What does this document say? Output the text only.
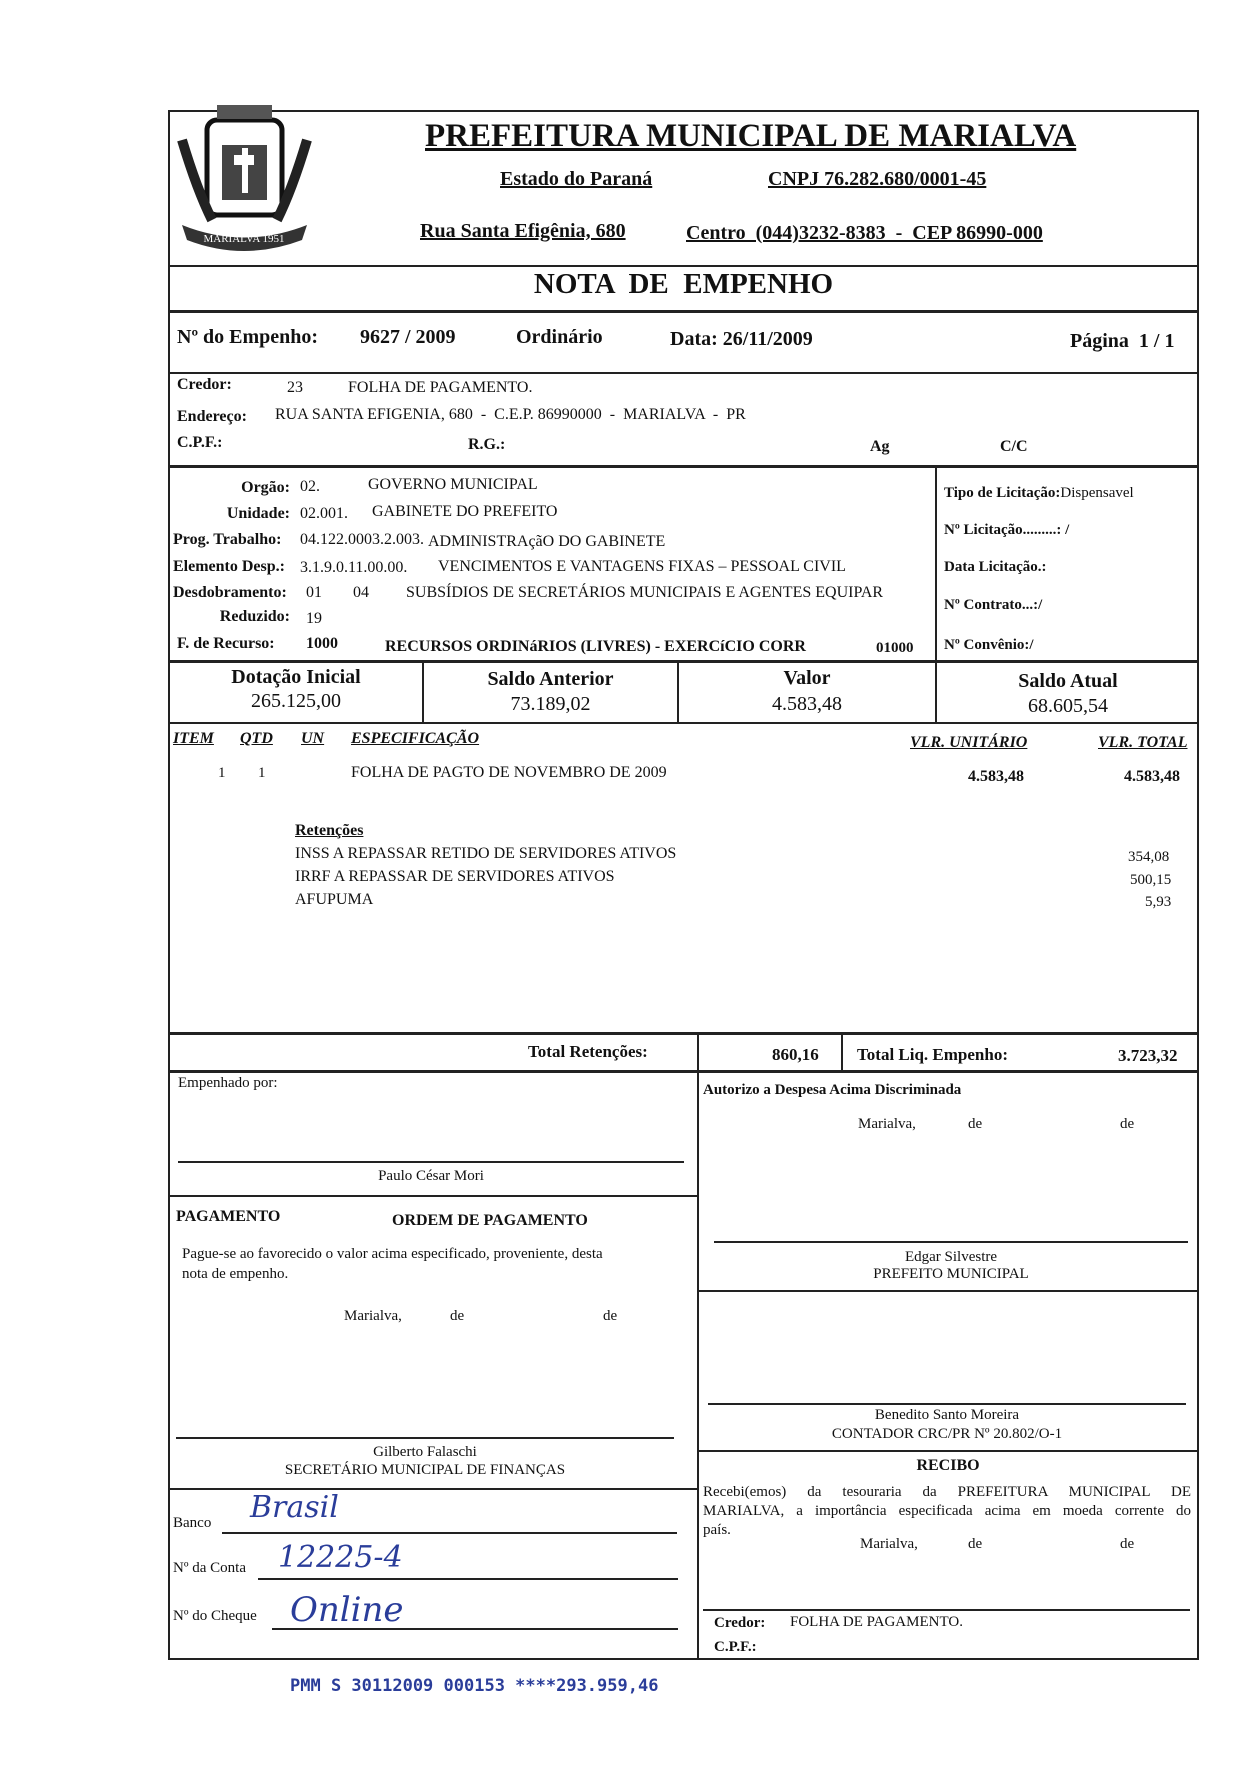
MARIALVA 1951
PREFEITURA MUNICIPAL DE MARIALVA
Estado do Paraná	CNPJ 76.282.680/0001-45
Rua Santa Efigênia, 680	Centro  (044)3232-8383  -  CEP 86990-000
NOTA  DE  EMPENHO
Nº do Empenho: 9627 / 2009	Ordinário	Data: 26/11/2009	Página  1 / 1
Credor:	23	FOLHA DE PAGAMENTO.
Endereço: RUA SANTA EFIGENIA, 680  -  C.E.P. 86990000  -  MARIALVA  -  PR
C.P.F.:	R.G.:	Ag	C/C
Orgão: 02.	GOVERNO MUNICIPAL
Unidade: 02.001. GABINETE DO PREFEITO
Prog. Trabalho: 04.122.0003.2.003. ADMINISTRAçãO DO GABINETE
Elemento Desp.: 3.1.9.0.11.00.00. VENCIMENTOS E VANTAGENS FIXAS – PESSOAL CIVIL
Desdobramento: 01 04 SUBSÍDIOS DE SECRETÁRIOS MUNICIPAIS E AGENTES EQUIPAR
Reduzido: 19
F. de Recurso: 1000	RECURSOS ORDINáRIOS (LIVRES) - EXERCíCIO CORR	01000
Tipo de Licitação:Dispensavel
Nº Licitação.........: /
Data Licitação.:
Nº Contrato...:/
Nº Convênio:/
Dotação Inicial
265.125,00
Saldo Anterior
73.189,02
Valor
4.583,48
Saldo Atual
68.605,54
ITEM QTD UN ESPECIFICAÇÃO	VLR. UNITÁRIO	VLR. TOTAL
1 1	FOLHA DE PAGTO DE NOVEMBRO DE 2009	4.583,48	4.583,48
Retenções
INSS A REPASSAR RETIDO DE SERVIDORES ATIVOS	354,08
IRRF A REPASSAR DE SERVIDORES ATIVOS	500,15
AFUPUMA	5,93
Total Retenções:	860,16 Total Liq. Empenho:	3.723,32
Empenhado por:
Paulo César Mori
PAGAMENTO	ORDEM DE PAGAMENTO
Pague-se ao favorecido o valor acima especificado, proveniente, desta
nota de empenho.
Marialva,	de	de
Gilberto Falaschi
SECRETÁRIO MUNICIPAL DE FINANÇAS
Banco Brasil
Nº da Conta 12225-4
Nº do Cheque Online
Autorizo a Despesa Acima Discriminada
Marialva,	de	de
Edgar Silvestre
PREFEITO MUNICIPAL
Benedito Santo Moreira
CONTADOR CRC/PR Nº 20.802/O-1
RECIBO
Recebi(emos) da tesouraria da PREFEITURA MUNICIPAL DE
MARIALVA, a importância especificada acima em moeda corrente do
país.
Marialva,	de	de
Credor: FOLHA DE PAGAMENTO.
C.P.F.:
PMM S 30112009 000153 ****293.959,46
